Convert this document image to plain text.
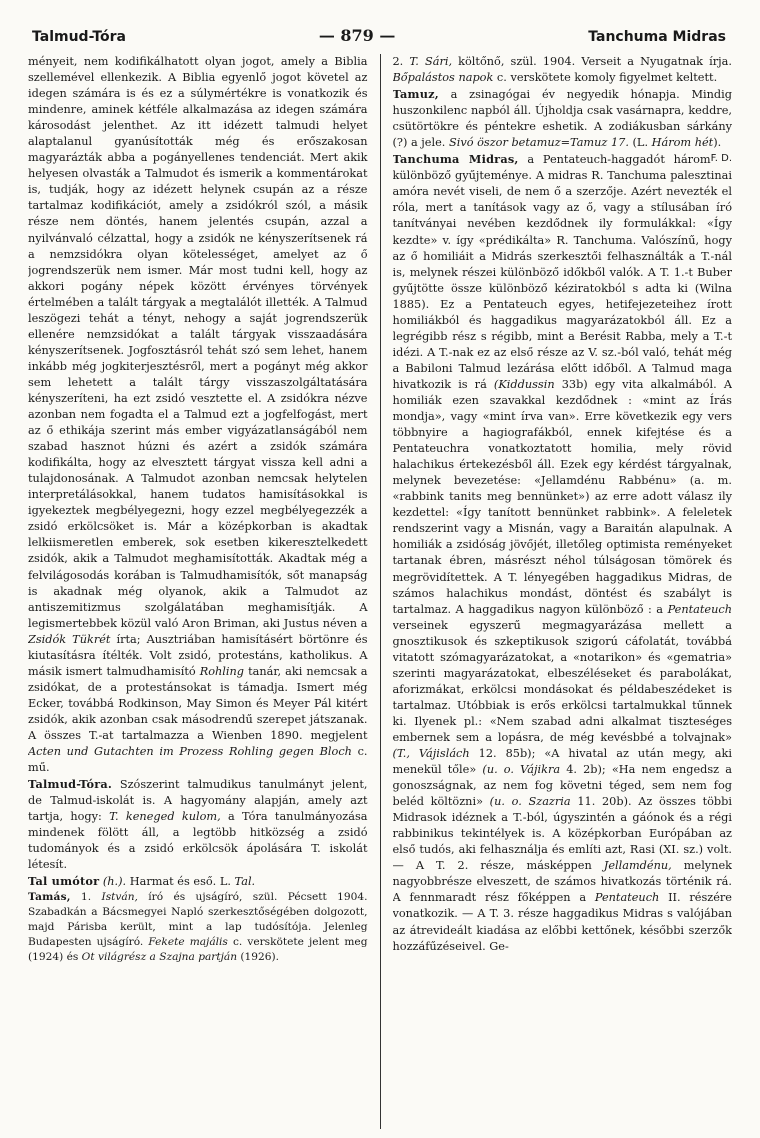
Talmud-Tóra	— 879 —	Tanchuma Midras

ményeit, nem kodifikálhatott olyan jogot, amely a Biblia szellemével ellenkezik. A Biblia egyenlő jogot követel az idegen számára is és ez a súlymértékre is vonatkozik és mindenre, aminek kétféle alkalmazása az idegen számára károsodást jelenthet. Az itt idézett talmudi helyet alaptalanul gyanúsították még és erőszakosan magyarázták abba a pogányellenes tendenciát. Mert akik helyesen olvasták a Talmudot és ismerik a kommentárokat is, tudják, hogy az idézett helynek csupán az a része tartalmaz kodifikációt, amely a zsidókról szól, a másik része nem döntés, hanem jelentés csupán, azzal a nyilvánvaló célzattal, hogy a zsidók ne kényszerítsenek rá a nemzsidókra olyan kötelességet, amelyet az ő jogrendszerük nem ismer. Már most tudni kell, hogy az akkori pogány népek között érvényes törvények értelmében a talált tárgyak a megtalálót illették. A Talmud leszögezi tehát a tényt, nehogy a saját jogrendszerük ellenére nemzsidókat a talált tárgyak visszaadására kényszerítsenek. Jogfosztásról tehát szó sem lehet, hanem inkább még jogkiterjesztésről, mert a pogányt még akkor sem lehetett a talált tárgy visszaszolgáltatására kényszeríteni, ha ezt zsidó vesztette el. A zsidókra nézve azonban nem fogadta el a Talmud ezt a jogfelfogást, mert az ő ethikája szerint más ember vigyázatlanságából nem szabad hasznot húzni és azért a zsidók számára kodifikálta, hogy az elvesztett tárgyat vissza kell adni a tulajdonosának. A Talmudot azonban nemcsak helytelen interpretálásokkal, hanem tudatos hamisításokkal is igyekeztek megbélyegezni, hogy ezzel megbélyegezzék a zsidó erkölcsöket is. Már a középkorban is akadtak lelkiismeretlen emberek, sok esetben kikeresztelkedett zsidók, akik a Talmudot meghamisították. Akadtak még a felvilágosodás korában is Talmudhamisítók, sőt manapság is akadnak még olyanok, akik a Talmudot az antiszemitizmus szolgálatában meghamisítják. A legismertebbek közül való Aron Briman, aki Justus néven a Zsidók Tükrét írta; Ausztriában hamisításért börtönre és kiutasításra ítélték. Volt zsidó, protestáns, katholikus. A másik ismert talmudhamisító Rohling tanár, aki nemcsak a zsidókat, de a protestánsokat is támadja. Ismert még Ecker, továbbá Rodkinson, May Simon és Meyer Pál kitért zsidók, akik azonban csak másodrendű szerepet játszanak. A összes T.-at tartalmazza a Wienben 1890. megjelent Acten und Gutachten im Prozess Rohling gegen Bloch c. mű.

Talmud-Tóra. Szószerint talmudikus tanulmányt jelent, de Talmud-iskolát is. A hagyomány alapján, amely azt tartja, hogy: T. keneged kulom, a Tóra tanulmányozása mindenek fölött áll, a legtöbb hitközség a zsidó tudományok és a zsidó erkölcsök ápolására T. iskolát létesít.

Tal umótor (h.). Harmat és eső. L. Tal.

Tamás, 1. István, író és ujságíró, szül. Pécsett 1904. Szabadkán a Bácsmegyei Napló szerkesztőségében dolgozott, majd Párisba került, mint a lap tudósítója. Jelenleg Budapesten ujságíró. Fekete majális c. verskötete jelent meg (1924) és Ot világrész a Szajna partján (1926).

2. T. Sári, költőnő, szül. 1904. Verseit a Nyugatnak írja. Bőpalástos napok c. verskötete komoly figyelmet keltett.

Tamuz, a zsinagógai év negyedik hónapja. Mindig huszonkilenc napból áll. Újholdja csak vasárnapra, keddre, csütörtökre és péntekre eshetik. A zodiákusban sárkány (?) a jele. Sivó öszor betamuz=Tamuz 17. (L. Három hét).
F. D.

Tanchuma Midras, a Pentateuch-haggadót három különböző gyűjteménye. A midras R. Tanchuma palesztinai amóra nevét viseli, de nem ő a szerzője. Azért nevezték el róla, mert a tanítások vagy az ő, vagy a stílusában író tanítványai nevében kezdődnek ily formulákkal: «Így kezdte» v. így «prédikálta» R. Tanchuma. Valószínű, hogy az ő homiliáit a Midrás szerkesztői felhasználták a T.-nál is, melynek részei különböző időkből valók. A T. 1.-t Buber gyűjtötte össze különböző kéziratokból s adta ki (Wilna 1885). Ez a Pentateuch egyes, hetifejezeteihez írott homiliákból és haggadikus magyarázatokból áll. Ez a legrégibb rész s régibb, mint a Berésit Rabba, mely a T.-t idézi. A T.-nak ez az első része az V. sz.-ból való, tehát még a Babiloni Talmud lezárása előtt időből. A Talmud maga hivatkozik is rá (Kiddussin 33b) egy vita alkalmából. A homiliák ezen szavakkal kezdődnek : «mint az Írás mondja», vagy «mint írva van». Erre következik egy vers többnyire a hagiografákból, ennek kifejtése és a Pentateuchra vonatkoztatott homilia, mely rövid halachikus értekezésből áll. Ezek egy kérdést tárgyalnak, melynek bevezetése: «Jellamdénu Rabbénu» (a. m. «rabbink tanits meg bennünket») az erre adott válasz ily kezdettel: «Így tanított bennünket rabbink». A feleletek rendszerint vagy a Misnán, vagy a Baraitán alapulnak. A homiliák a zsidóság jövőjét, illetőleg optimista reményeket tartanak ébren, másrészt néhol túlságosan tömörek és megrövidítettek. A T. lényegében haggadikus Midras, de számos halachikus mondást, döntést és szabályt is tartalmaz. A haggadikus nagyon különböző : a Pentateuch verseinek egyszerű megmagyarázása mellett a gnosztikusok és szkeptikusok szigorú cáfolatát, továbbá vitatott szómagyarázatokat, a «notarikon» és «gematria» szerinti magyarázatokat, elbeszéléseket és parabolákat, aforizmákat, erkölcsi mondásokat és példabeszédeket is tartalmaz. Utóbbiak is erős erkölcsi tartalmukkal tűnnek ki. Ilyenek pl.: «Nem szabad adni alkalmat tiszteséges embernek sem a lopásra, de még kevésbbé a tolvajnak» (T., Vájislách 12. 85b); «A hivatal az után megy, aki menekül tőle» (u. o. Vájikra 4. 2b); «Ha nem engedsz a gonoszságnak, az nem fog követni téged, sem nem fog beléd költözni» (u. o. Szazria 11. 20b). Az összes többi Midrasok idéznek a T.-ból, úgyszintén a gáónok és a régi rabbinikus tekintélyek is. A középkorban Európában az első tudós, aki felhasználja és említi azt, Rasi (XI. sz.) volt. — A T. 2. része, másképpen Jellamdénu, melynek nagyobbrésze elveszett, de számos hivatkozás történik rá. A fennmaradt rész főképpen a Pentateuch II. részére vonatkozik. — A T. 3. része haggadikus Midras s valójában az átrevideált kiadása az előbbi kettőnek, későbbi szerzők hozzáfűzéseivel. Ge-
